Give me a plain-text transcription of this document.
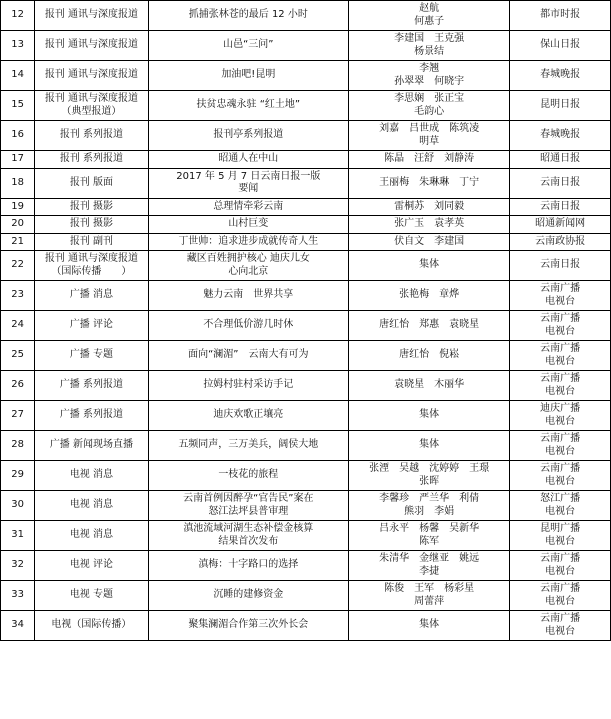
12	报刊 通讯与深度报道	抓捕张林苍的最后 12 小时	赵航
何惠子	都市时报

13	报刊 通讯与深度报道	山邑“三问”	李建国　王克强
杨景结	保山日报

14	报刊 通讯与深度报道	加油吧!昆明	李翘
孙翠翠　何晓宇	春城晚报

15	报刊 通讯与深度报道
（典型报道）	扶贫忠魂永驻 “红土地”	李思娴　张正宝
毛韵心	昆明日报

16	报刊 系列报道	报刊亭系列报道	刘嘉　吕世成　陈筑凌
明草	春城晚报

17	报刊 系列报道	昭通人在中山	陈晶　汪舒　刘静涛	昭通日报

18	报刊 版面	2017 年 5 月 7 日云南日报一版
要闻	王丽梅　朱琳琳　丁宁	云南日报

19	报刊 摄影	总理情牵彩云南	雷桐苏　刘同毅	云南日报

20	报刊 摄影	山村巨变	张广玉　袁孝英	昭通新闻网

21	报刊 副刊	丁世帅：追求进步成就传奇人生	伏自文　李建国	云南政协报

22	报刊 通讯与深度报道
（国际传播　　）	藏区百姓拥护核心 迪庆儿女
心向北京	集体	云南日报

23	广播 消息	魅力云南　世界共享	张艳梅　章烨	云南广播
电视台

24	广播 评论	不合理低价游几时休	唐红怡　郑惠　袁晓星	云南广播
电视台

25	广播 专题	面向“澜湄”　云南大有可为	唐红怡　倪崧	云南广播
电视台

26	广播 系列报道	拉姆村驻村采访手记	袁晓星　木丽华	云南广播
电视台

27	广播 系列报道	迪庆欢歌正壤亮	集体	迪庆广播
电视台

28	广播 新闻现场直播	五频同声，三万美兵，阔侯大地	集体	云南广播
电视台

29	电视 消息	一枝花的旅程	张湮　吴越　沈婷婷　王璟
张晖	云南广播
电视台

30	电视 消息	云南首例因醉孕“官告民”案在
怒江法坪县普审理	李馨珍　严兰华　利倩
熊羽　李娟	怒江广播
电视台

31	电视 消息	滇池流域河湖生态补偿金核算
结果首次发布	吕永平　杨馨　吴新华
陈军	昆明广播
电视台

32	电视 评论	滇梅：十字路口的选择	朱清华　金继亚　姚远
李捷	云南广播
电视台

33	电视 专题	沉睡的建修资金	陈俊　王军　杨彩星
周蕾萍	云南广播
电视台

34	电视（国际传播）	聚集澜湄合作第三次外长会	集体	云南广播
电视台
